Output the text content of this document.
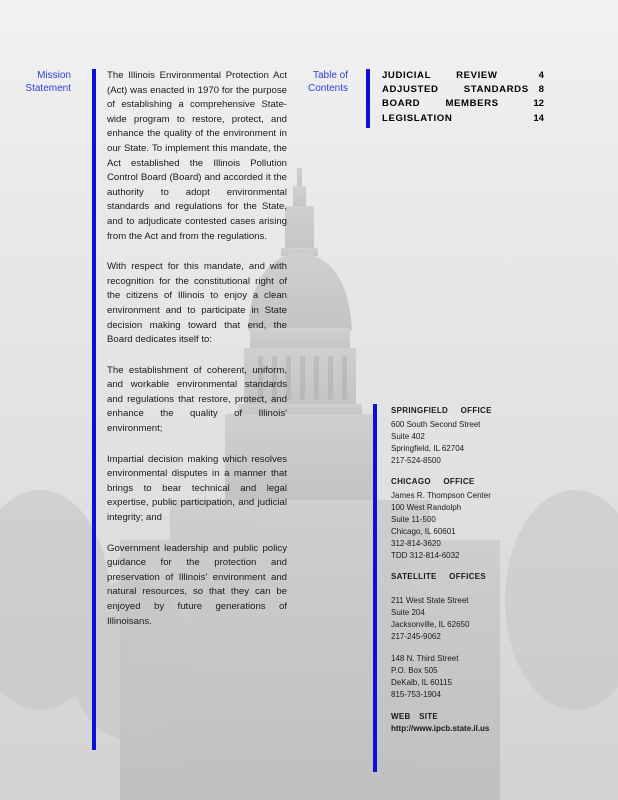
Mission Statement

The Illinois Environmental Protection Act (Act) was enacted in 1970 for the purpose of establishing a comprehensive State-wide program to restore, protect, and enhance the quality of the environment in our State. To implement this mandate, the Act established the Illinois Pollution Control Board (Board) and accorded it the authority to adopt environmental standards and regulations for the State, and to adjudicate contested cases arising from the Act and from the regulations.

With respect for this mandate, and with recognition for the constitutional right of the citizens of Illinois to enjoy a clean environment and to participate in State decision making toward that end, the Board dedicates itself to:

The establishment of coherent, uniform, and workable environmental standards and regulations that restore, protect, and enhance the quality of Illinois' environment;

Impartial decision making which resolves environmental disputes in a manner that brings to bear technical and legal expertise, public participation, and judicial integrity; and

Government leadership and public policy guidance for the protection and preservation of Illinois' environment and natural resources, so that they can be enjoyed by future generations of Illinoisans.

Table of Contents
JUDICIAL REVIEW	4
ADJUSTED STANDARDS 8
BOARD MEMBERS	12
LEGISLATION	14
SPRINGFIELD OFFICE
600 South Second Street
Suite 402
Springfield, IL 62704
217-524-8500
CHICAGO OFFICE
James R. Thompson Center
100 West Randolph
Suite 11-500
Chicago, IL 60601
312-814-3620
TDD 312-814-6032
SATELLITE OFFICES
211 West State Street
Suite 204
Jacksonville, IL 62650
217-245-9062
148 N. Third Street
P.O. Box 505
DeKalb, IL 60115
815-753-1904
WEB SITE
http://www.ipcb.state.il.us
